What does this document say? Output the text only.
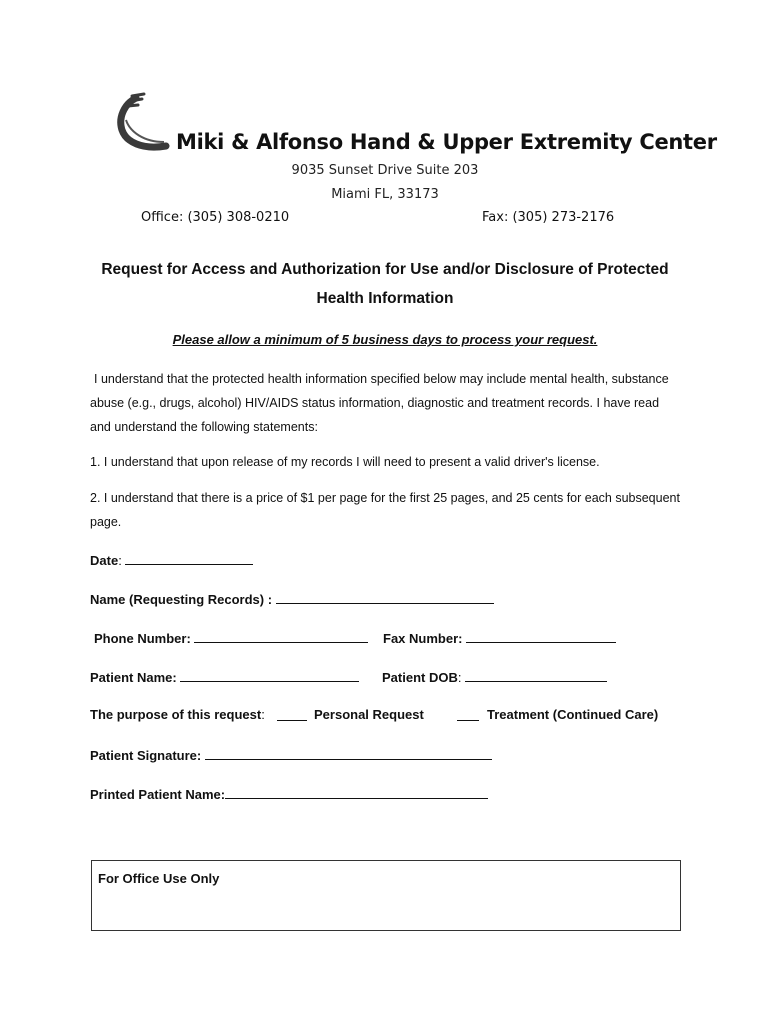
Miki & Alfonso Hand & Upper Extremity Center
9035 Sunset Drive Suite 203
Miami FL, 33173
Office: (305) 308-0210	Fax: (305) 273-2176
Request for Access and Authorization for Use and/or Disclosure of Protected
Health Information
Please allow a minimum of 5 business days to process your request.
I understand that the protected health information specified below may include mental health, substance abuse (e.g., drugs, alcohol) HIV/AIDS status information, diagnostic and treatment records. I have read and understand the following statements:
1. I understand that upon release of my records I will need to present a valid driver's license.
2. I understand that there is a price of $1 per page for the first 25 pages, and 25 cents for each subsequent page.
Date:
Name (Requesting Records) :
Phone Number:	Fax Number:
Patient Name:	Patient DOB:
The purpose of this request:	Personal Request	Treatment (Continued Care)
Patient Signature:
Printed Patient Name:
For Office Use Only
